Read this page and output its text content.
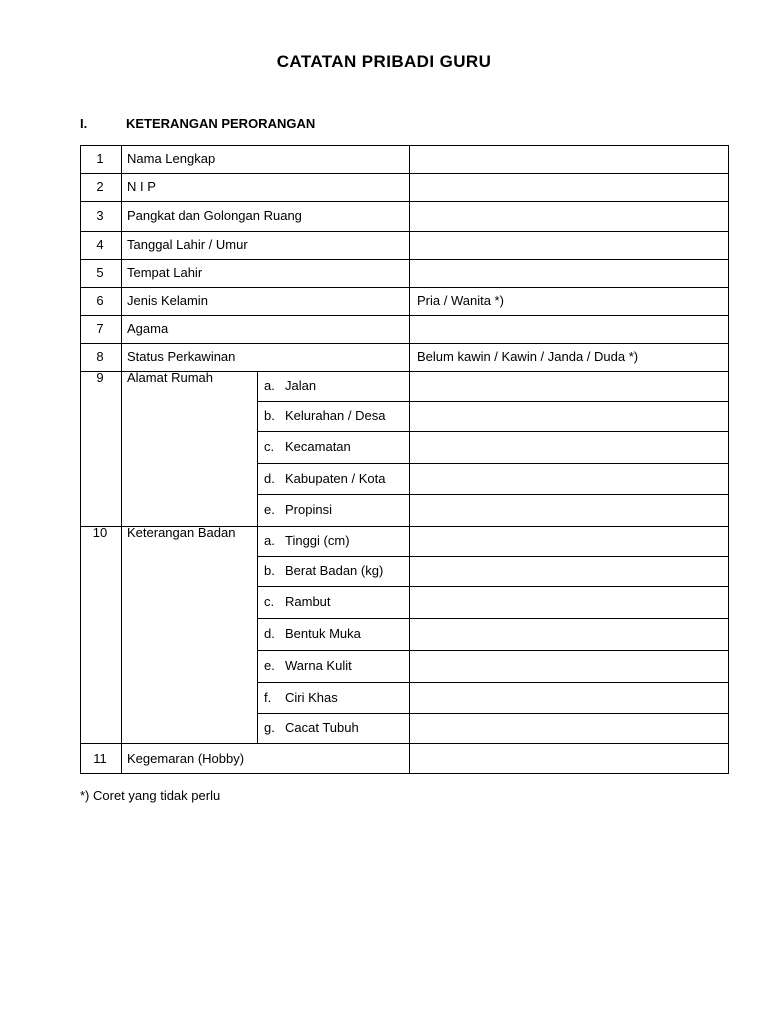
CATATAN PRIBADI GURU
I.	KETERANGAN PERORANGAN
1	Nama Lengkap
2	N I P
3	Pangkat dan Golongan Ruang
4	Tanggal Lahir / Umur
5	Tempat Lahir
6	Jenis Kelamin	Pria / Wanita *)
7	Agama
8	Status Perkawinan	Belum kawin / Kawin / Janda / Duda *)
9	Alamat Rumah
a. Jalan
b. Kelurahan / Desa
c. Kecamatan
d. Kabupaten / Kota
e. Propinsi
10	Keterangan Badan
a. Tinggi (cm)
b. Berat Badan (kg)
c. Rambut
d. Bentuk Muka
e. Warna Kulit
f. Ciri Khas
g. Cacat Tubuh
11	Kegemaran (Hobby)
*) Coret yang tidak perlu
